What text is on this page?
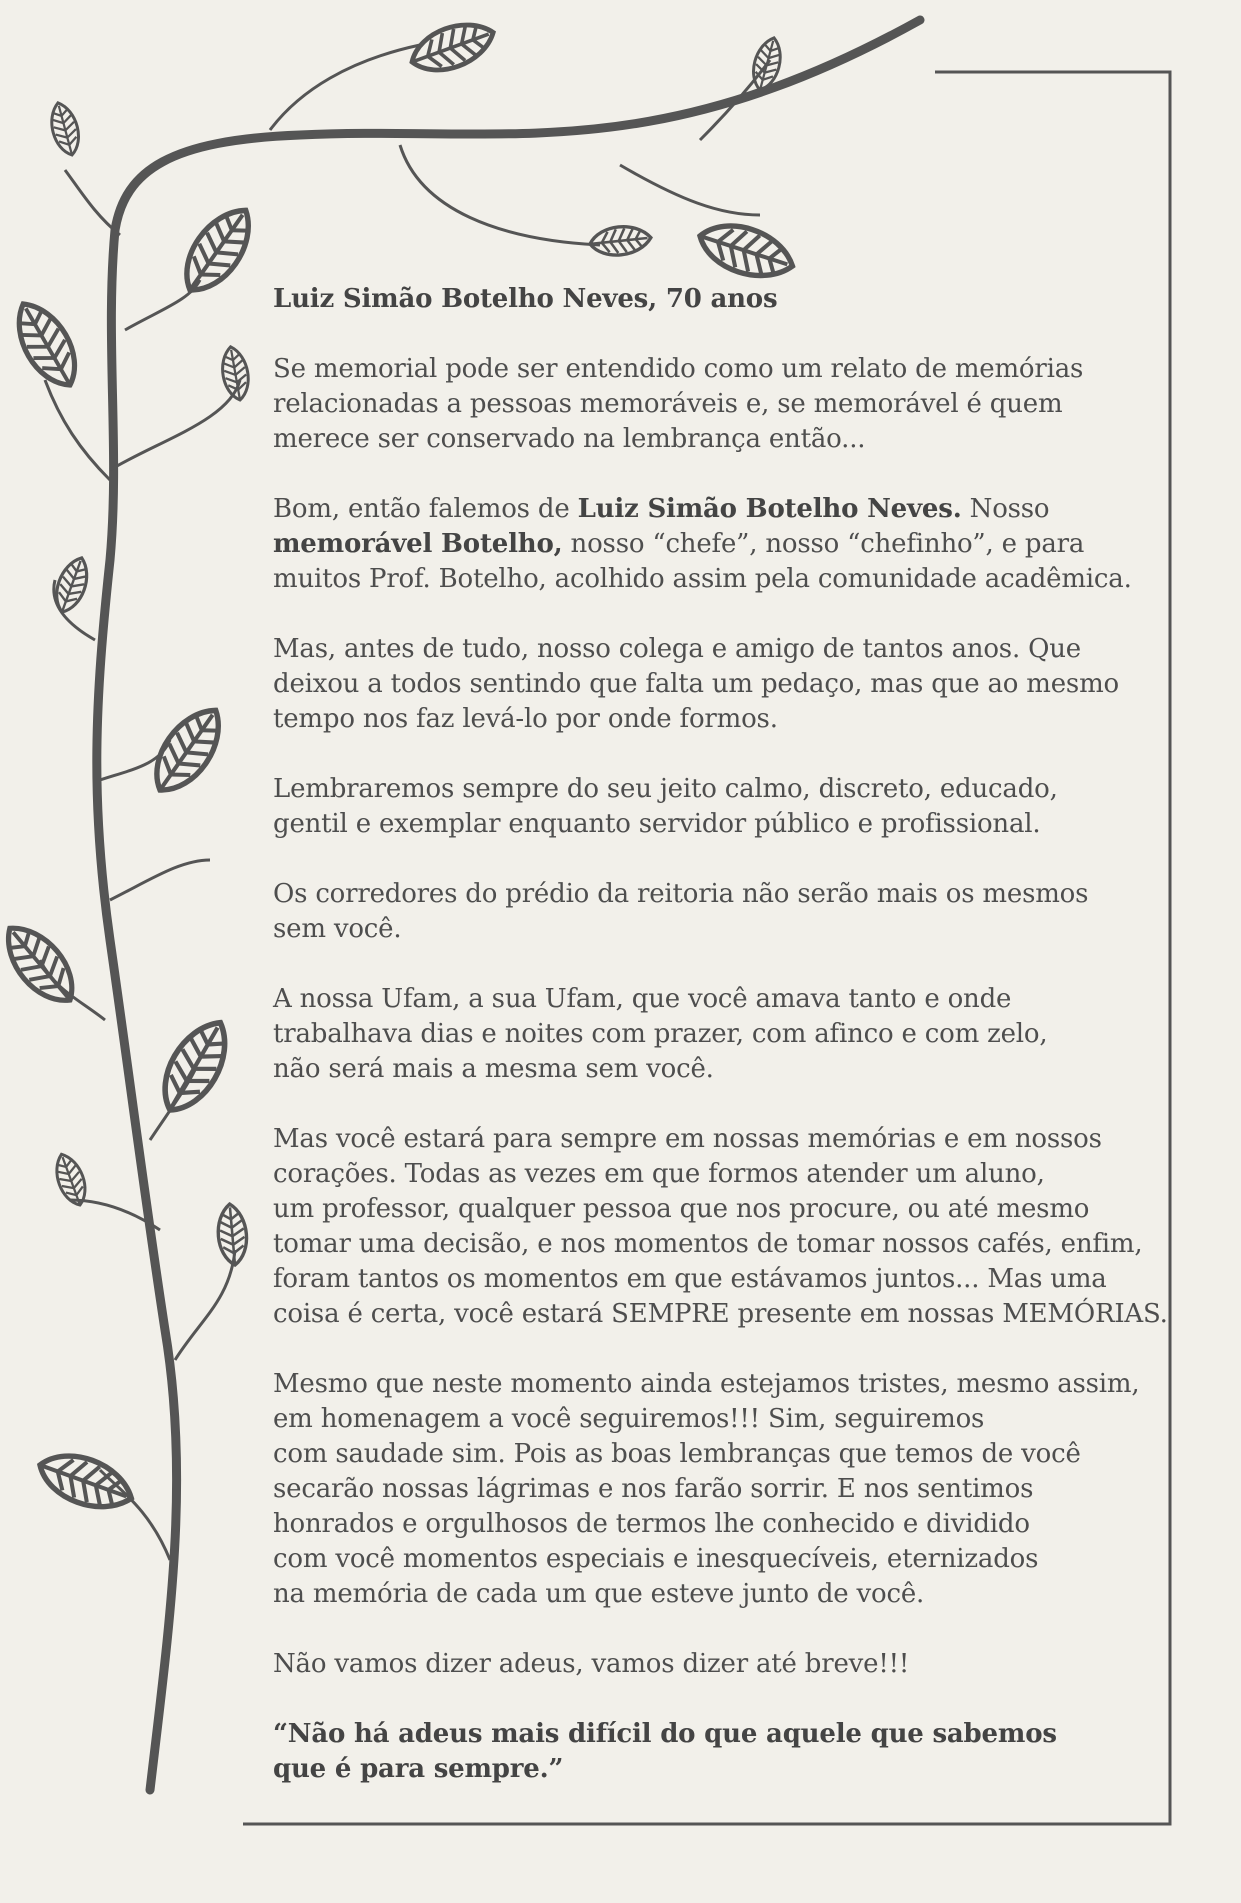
Luiz Simão Botelho Neves, 70 anos

Se memorial pode ser entendido como um relato de memórias
relacionadas a pessoas memoráveis e, se memorável é quem
merece ser conservado na lembrança então...

Bom, então falemos de Luiz Simão Botelho Neves. Nosso
memorável Botelho, nosso “chefe”, nosso “chefinho”, e para
muitos Prof. Botelho, acolhido assim pela comunidade acadêmica.

Mas, antes de tudo, nosso colega e amigo de tantos anos. Que
deixou a todos sentindo que falta um pedaço, mas que ao mesmo
tempo nos faz levá-lo por onde formos.

Lembraremos sempre do seu jeito calmo, discreto, educado,
gentil e exemplar enquanto servidor público e profissional.

Os corredores do prédio da reitoria não serão mais os mesmos
sem você.

A nossa Ufam, a sua Ufam, que você amava tanto e onde
trabalhava dias e noites com prazer, com afinco e com zelo,
não será mais a mesma sem você.

Mas você estará para sempre em nossas memórias e em nossos
corações. Todas as vezes em que formos atender um aluno,
um professor, qualquer pessoa que nos procure, ou até mesmo
tomar uma decisão, e nos momentos de tomar nossos cafés, enfim,
foram tantos os momentos em que estávamos juntos... Mas uma
coisa é certa, você estará SEMPRE presente em nossas MEMÓRIAS.

Mesmo que neste momento ainda estejamos tristes, mesmo assim,
em homenagem a você seguiremos!!! Sim, seguiremos
com saudade sim. Pois as boas lembranças que temos de você
secarão nossas lágrimas e nos farão sorrir. E nos sentimos
honrados e orgulhosos de termos lhe conhecido e dividido
com você momentos especiais e inesquecíveis, eternizados
na memória de cada um que esteve junto de você.

Não vamos dizer adeus, vamos dizer até breve!!!

“Não há adeus mais difícil do que aquele que sabemos
que é para sempre.”
